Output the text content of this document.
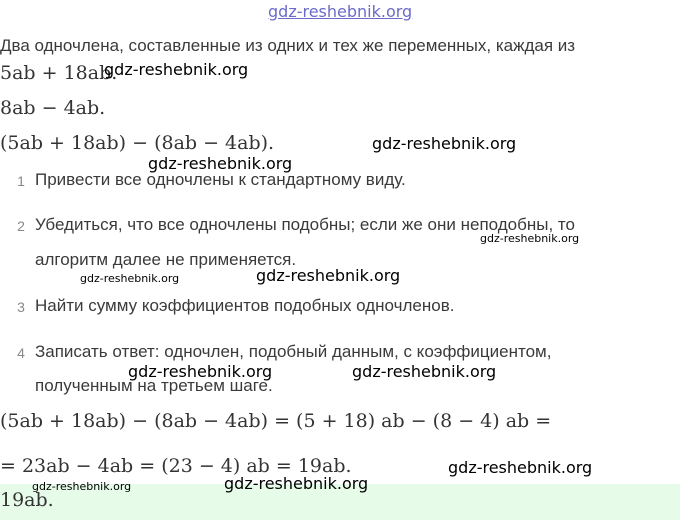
gdz-reshebnik.org
Два одночлена, составленные из одних и тех же переменных, каждая из
5ab + 18ab.
8ab − 4ab.
(5ab + 18ab) − (8ab − 4ab).
1 Привести все одночлены к стандартному виду.
2 Убедиться, что все одночлены подобны; если же они неподобны, то
алгоритм далее не применяется.
3 Найти сумму коэффициентов подобных одночленов.
4 Записать ответ: одночлен, подобный данным, с коэффициентом,
полученным на третьем шаге.
(5ab + 18ab) − (8ab − 4ab) = (5 + 18) ab − (8 − 4) ab =
= 23ab − 4ab = (23 − 4) ab = 19ab.
19ab.
gdz-reshebnik.org
gdz-reshebnik.org
gdz-reshebnik.org
gdz-reshebnik.org
gdz-reshebnik.org	gdz-reshebnik.org
gdz-reshebnik.org	gdz-reshebnik.org
gdz-reshebnik.org
gdz-reshebnik.org	gdz-reshebnik.org
